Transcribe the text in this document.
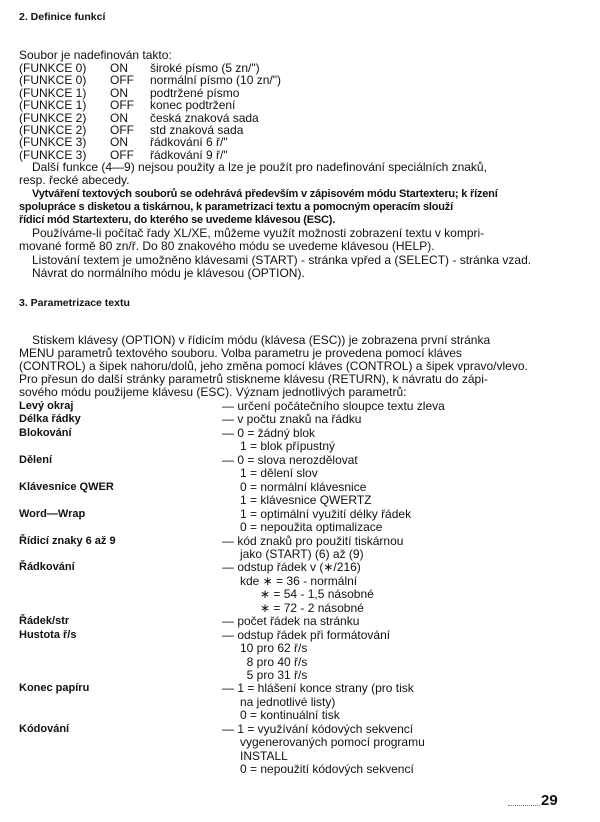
2. Definice funkcí
Soubor je nadefinován takto:
(FUNKCE 0) ON široké písmo (5 zn/")
(FUNKCE 0) OFF normální písmo (10 zn/")
(FUNKCE 1) ON podtržené písmo
(FUNKCE 1) OFF konec podtržení
(FUNKCE 2) ON česká znaková sada
(FUNKCE 2) OFF std znaková sada
(FUNKCE 3) ON řádkování 6 ř/"
(FUNKCE 3) OFF řádkování 9 ř/"
Další funkce (4—9) nejsou použity a lze je použít pro nadefinování speciálních znaků,
resp. řecké abecedy.
Vytváření textových souborů se odehrává především v zápisovém módu Startexteru; k řízení
spolupráce s disketou a tiskárnou, k parametrizaci textu a pomocným operacím slouží
řídicí mód Startexteru, do kterého se uvedeme klávesou (ESC).
Používáme-li počítač řady XL/XE, můžeme využít možnosti zobrazení textu v kompri-
mované formě 80 zn/ř. Do 80 znakového módu se uvedeme klávesou (HELP).
Listování textem je umožněno klávesami (START) - stránka vpřed a (SELECT) - stránka vzad.
Návrat do normálního módu je klávesou (OPTION).
3. Parametrizace textu
Stiskem klávesy (OPTION) v řídicím módu (klávesa (ESC)) je zobrazena první stránka
MENU parametrů textového souboru. Volba parametru je provedena pomocí kláves
(CONTROL) a šipek nahoru/dolů, jeho změna pomocí kláves (CONTROL) a šipek vpravo/vlevo.
Pro přesun do další stránky parametrů stiskneme klávesu (RETURN), k návratu do zápi-
sového módu použijeme klávesu (ESC). Význam jednotlivých parametrů:
Levý okraj	— určení počátečního sloupce textu zleva
Délka řádky	— v počtu znaků na řádku
Blokování	— 0 = žádný blok
1 = blok přípustný
Dělení	— 0 = slova nerozdělovat
1 = dělení slov
Klávesnice QWER	0 = normální klávesnice
1 = klávesnice QWERTZ
Word—Wrap	1 = optimální využití délky řádek
0 = nepoužita optimalizace
Řídicí znaky 6 až 9	— kód znaků pro použití tiskárnou
jako (START) (6) až (9)
Řádkování	— odstup řádek v (∗/216)
kde ∗ = 36 - normální
∗ = 54 - 1,5 násobné
∗ = 72 - 2 násobné
Řádek/str	— počet řádek na stránku
Hustota ř/s	— odstup řádek při formátování
10 pro 62 ř/s
8 pro 40 ř/s
5 pro 31 ř/s
Konec papíru	— 1 = hlášení konce strany (pro tisk
na jednotlivé listy)
0 = kontinuální tisk
Kódování	— 1 = využívání kódových sekvencí
vygenerovaných pomocí programu
INSTALL
0 = nepoužití kódových sekvencí
29
